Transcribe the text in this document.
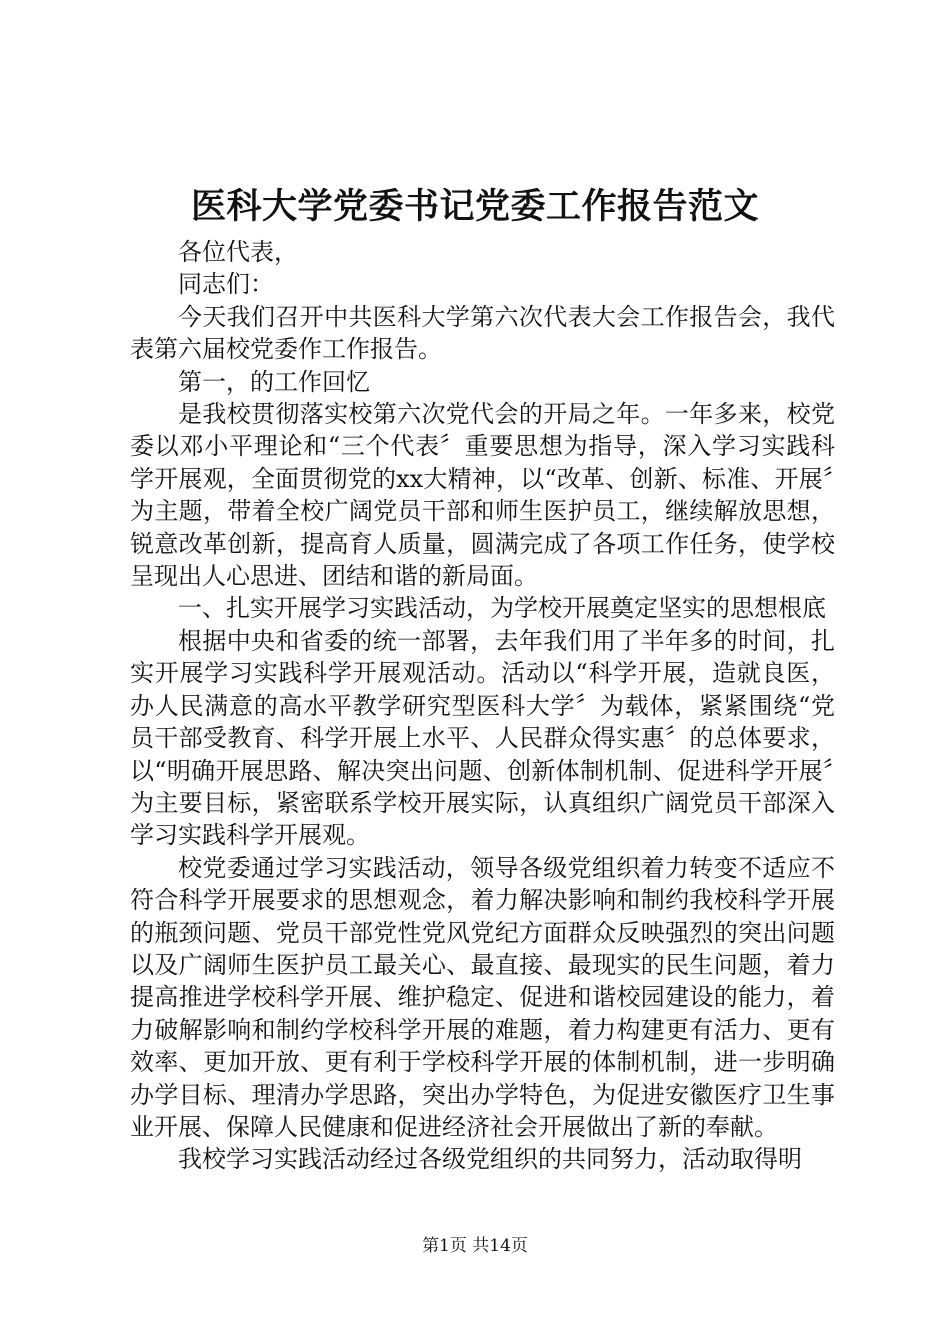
医科大学党委书记党委工作报告范文

各位代表，

同志们：

今天我们召开中共医科大学第六次代表大会工作报告会，我代表第六届校党委作工作报告。

第一，的工作回忆

是我校贯彻落实校第六次党代会的开局之年。一年多来，校党委以邓小平理论和“三个代表〞重要思想为指导，深入学习实践科学开展观，全面贯彻党的xx大精神，以“改革、创新、标准、开展〞为主题，带着全校广阔党员干部和师生医护员工，继续解放思想，锐意改革创新，提高育人质量，圆满完成了各项工作任务，使学校呈现出人心思进、团结和谐的新局面。

一、扎实开展学习实践活动，为学校开展奠定坚实的思想根底

根据中央和省委的统一部署，去年我们用了半年多的时间，扎实开展学习实践科学开展观活动。活动以“科学开展，造就良医，办人民满意的高水平教学研究型医科大学〞为载体，紧紧围绕“党员干部受教育、科学开展上水平、人民群众得实惠〞的总体要求，以“明确开展思路、解决突出问题、创新体制机制、促进科学开展〞为主要目标，紧密联系学校开展实际，认真组织广阔党员干部深入学习实践科学开展观。

校党委通过学习实践活动，领导各级党组织着力转变不适应不符合科学开展要求的思想观念，着力解决影响和制约我校科学开展的瓶颈问题、党员干部党性党风党纪方面群众反映强烈的突出问题以及广阔师生医护员工最关心、最直接、最现实的民生问题，着力提高推进学校科学开展、维护稳定、促进和谐校园建设的能力，着力破解影响和制约学校科学开展的难题，着力构建更有活力、更有效率、更加开放、更有利于学校科学开展的体制机制，进一步明确办学目标、理清办学思路，突出办学特色，为促进安徽医疗卫生事业开展、保障人民健康和促进经济社会开展做出了新的奉献。

我校学习实践活动经过各级党组织的共同努力，活动取得明

第1页 共14页
